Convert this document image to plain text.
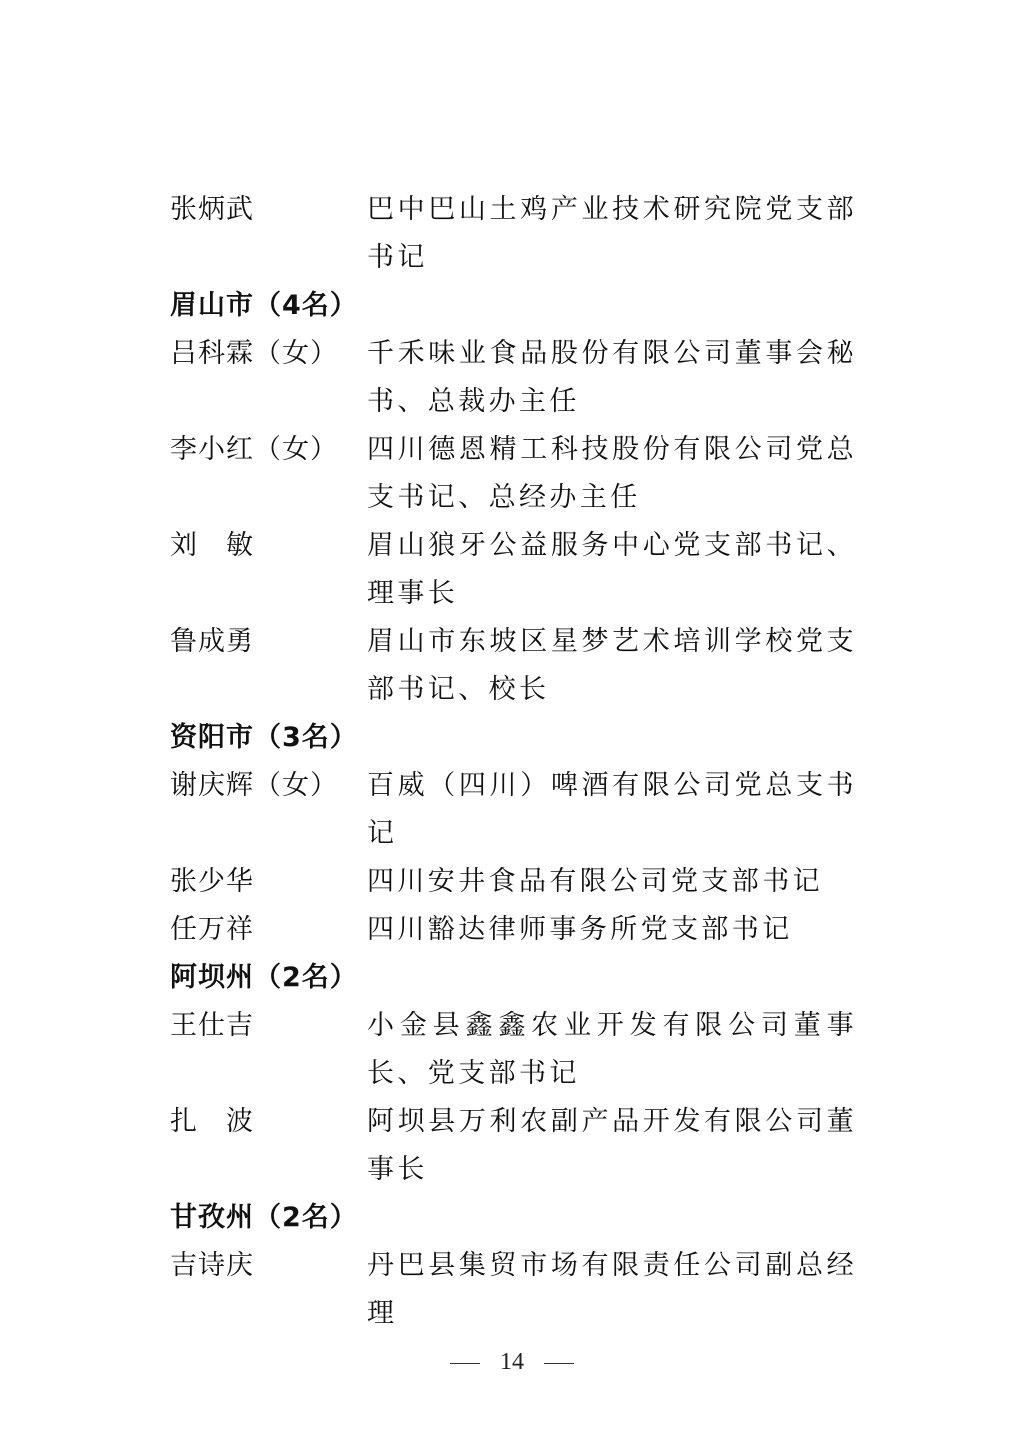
张炳武	巴中巴山土鸡产业技术研究院党支部书记
眉山市（4名）
吕科霖（女）	千禾味业食品股份有限公司董事会秘书、总裁办主任
李小红（女）	四川德恩精工科技股份有限公司党总支书记、总经办主任
刘　敏	眉山狼牙公益服务中心党支部书记、理事长
鲁成勇	眉山市东坡区星梦艺术培训学校党支部书记、校长
资阳市（3名）
谢庆辉（女）	百威（四川）啤酒有限公司党总支书记
张少华	四川安井食品有限公司党支部书记
任万祥	四川豁达律师事务所党支部书记
阿坝州（2名）
王仕吉	小金县鑫鑫农业开发有限公司董事长、党支部书记
扎　波	阿坝县万利农副产品开发有限公司董事长
甘孜州（2名）
吉诗庆	丹巴县集贸市场有限责任公司副总经理
14
